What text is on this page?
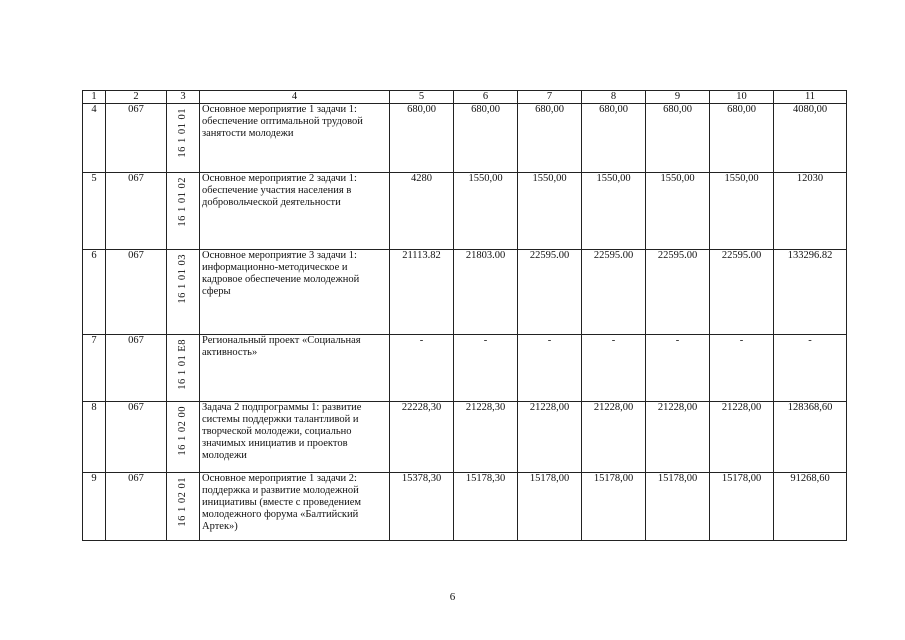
1	2	3	4	5	6	7	8	9	10	11
4	067	16 1 01 01	Основное мероприятие 1 задачи 1: обеспечение оптимальной трудовой занятости молодежи	680,00	680,00	680,00	680,00	680,00	680,00	4080,00
5	067	16 1 01 02	Основное мероприятие 2 задачи 1: обеспечение участия населения в добровольческой деятельности	4280	1550,00	1550,00	1550,00	1550,00	1550,00	12030
6	067	16 1 01 03	Основное мероприятие 3 задачи 1: информационно-методическое и кадровое обеспечение молодежной сферы	21113.82	21803.00	22595.00	22595.00	22595.00	22595.00	133296.82
7	067	16 1 01 E8	Региональный проект «Социальная активность»	-	-	-	-	-	-	-
8	067	16 1 02 00	Задача 2 подпрограммы 1: развитие системы поддержки талантливой и творческой молодежи, социально значимых инициатив и проектов молодежи	22228,30	21228,30	21228,00	21228,00	21228,00	21228,00	128368,60
9	067	16 1 02 01	Основное мероприятие 1 задачи 2: поддержка и развитие молодежной инициативы (вместе с проведением молодежного форума «Балтийский Артек»)	15378,30	15178,30	15178,00	15178,00	15178,00	15178,00	91268,60
6
